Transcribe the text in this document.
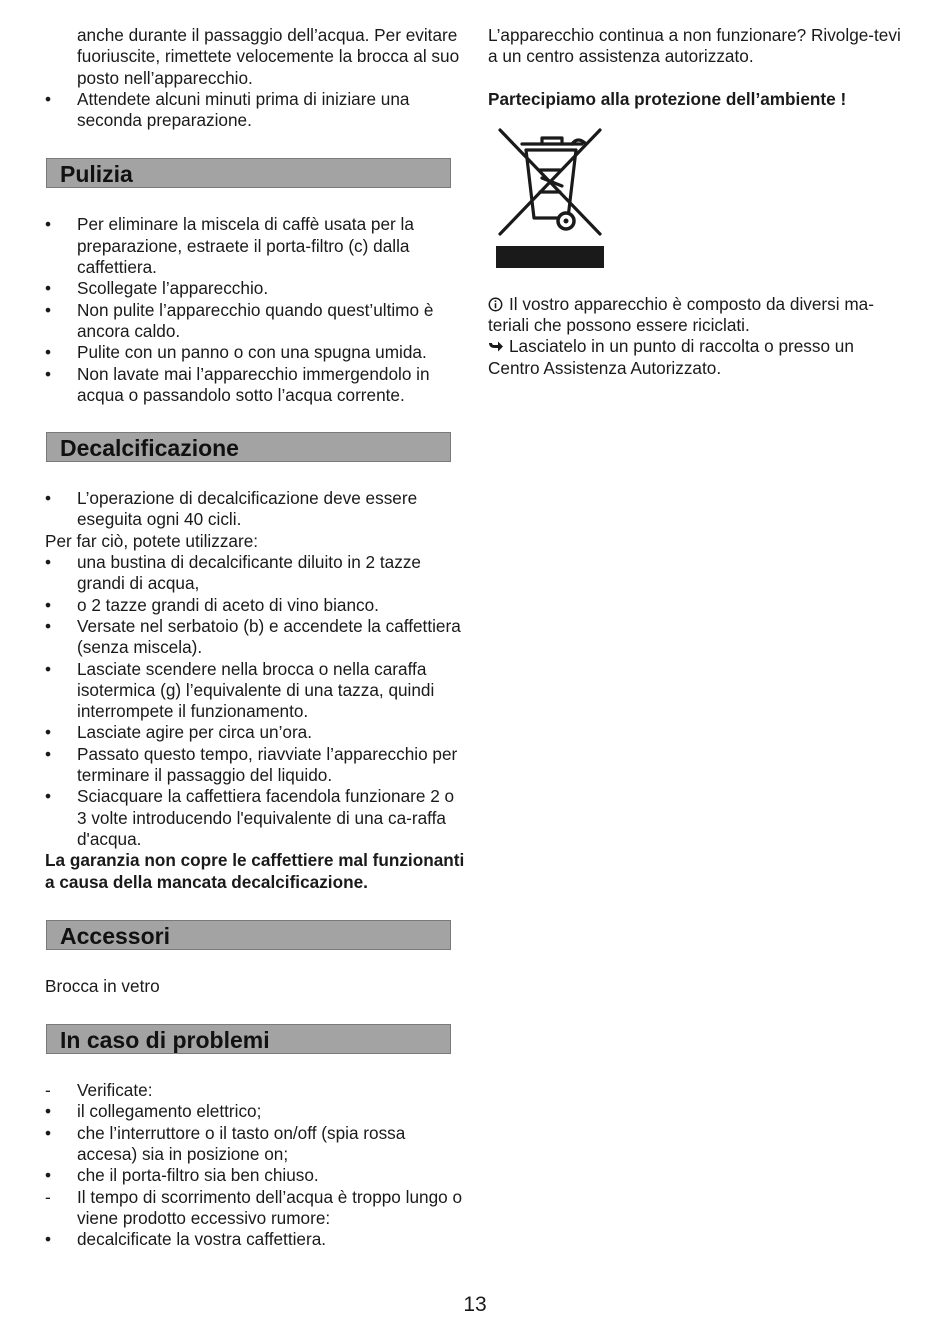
anche durante il passaggio dell’acqua. Per evitare fuoriuscite, rimettete velocemente la brocca al suo posto nell’apparecchio.
• Attendete alcuni minuti prima di iniziare una seconda preparazione.
Pulizia
• Per eliminare la miscela di caffè usata per la preparazione, estraete il porta-filtro (c) dalla caffettiera.
• Scollegate l’apparecchio.
• Non pulite l’apparecchio quando quest’ultimo è ancora caldo.
• Pulite con un panno o con una spugna umida.
• Non lavate mai l’apparecchio immergendolo in acqua o passandolo sotto l’acqua corrente.
Decalcificazione
• L’operazione di decalcificazione deve essere eseguita ogni 40 cicli.

Per far ciò, potete utilizzare:

• una bustina di decalcificante diluito in 2 tazze grandi di acqua,
• o 2 tazze grandi di aceto di vino bianco.
• Versate nel serbatoio (b) e accendete la caffettiera (senza miscela).
• Lasciate scendere nella brocca o nella caraffa isotermica (g) l’equivalente di una tazza, quindi interrompete il funzionamento.
• Lasciate agire per circa un’ora.
• Passato questo tempo, riavviate l’apparecchio per terminare il passaggio del liquido.
• Sciacquare la caffettiera facendola funzionare 2 o 3 volte introducendo l'equivalente di una ca-raffa d'acqua.

La garanzia non copre le caffettiere mal funzionanti a causa della mancata decalcificazione.

Accessori

Brocca in vetro

In caso di problemi
- Verificate:
• il collegamento elettrico;
• che l’interruttore o il tasto on/off (spia rossa accesa) sia in posizione on;
• che il porta-filtro sia ben chiuso.
- Il tempo di scorrimento dell’acqua è troppo lungo o viene prodotto eccessivo rumore:
• decalcificate la vostra caffettiera.

L’apparecchio continua a non funzionare? Rivolge-tevi a un centro assistenza autorizzato.

Partecipiamo alla protezione dell’ambiente !

Il vostro apparecchio è composto da diversi ma-teriali che possono essere riciclati.

Lasciatelo in un punto di raccolta o presso un Centro Assistenza Autorizzato.

13
